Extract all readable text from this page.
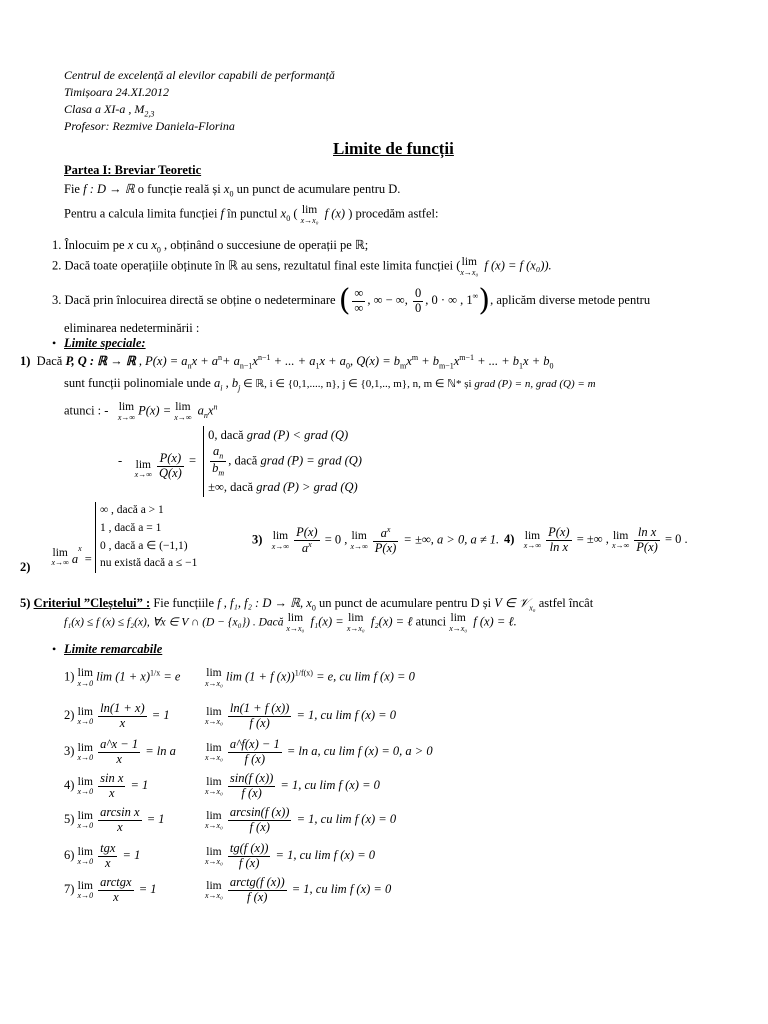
Centrul de excelență al elevilor capabili de performanță
Timișoara 24.XI.2012
Clasa a XI-a , $M_{2,3}$
Profesor: Rezmive Daniela-Florina
Limite de funcții
Partea I: Breviar Teoretic
Fie f : D → ℝ o funcție reală și $x_0$ un punct de acumulare pentru D.
Pentru a calcula limita funcției f în punctul $x_0$ ( lim
x→x₀ f (x) ) procedăm astfel:
1. Înlocuim pe x cu $x_0$ , obținând o succesiune de operații pe ℝ;
2. Dacă toate operațiile obținute în ℝ au sens, rezultatul final este limita funcției ( lim
x→x₀ f (x) = f (x₀)).
3. Dacă prin înlocuirea directă se obține o nedeterminare ( $\frac{\infty}{\infty}$ , ∞ − ∞, $\frac{0}{0}$ , 0 · ∞ , 1∞), aplicăm diverse metode pentru
eliminarea nedeterminării :
• Limite speciale:
1) Dacă P, Q : ℝ → ℝ , $P(x) = a_nx + a^n+ a_{n-1}x^{n-1}$ + ... + $a_1x + a_0$, $Q(x) = b_mx^m + b_{m-1}x^{m-1}$ + ... + $b_1x + b_0$
sunt funcții polinomiale unde $a_i$ , $b_j$ ∈ ℝ, i ∈ {0,1,...., n}, j ∈ {0,1,.., m}, n, m ∈ ℕ* și grad (P) = n, grad (Q) = m
atunci : - lim
x→∞ P(x) = lim
x→∞ $a_nx^n$
- lim
$x\to\infty \frac{P(x)}{Q(x)}$ =
0, dacă grad (P) < grad (Q)
$\frac{a_n}{b_m}$ , dacă grad (P) = grad (Q)
±∞, dacă grad (P) > grad (Q)
2)
lim
x→∞ $a^x$ =
∞ , dacă a > 1
1 , dacă a = 1
0 , dacă a ∈ (−1,1)
nu există dacă a ≤ −1
3) lim
$x\to\infty \frac{P(x)}{a^x} = 0$ , lim
$x\to\infty \frac{a^x}{P(x)}$ = ±∞, a > 0, a ≠ 1. 4) lim
$x\to\infty \frac{P(x)}{\text{ln x}}$ = ±∞ , lim
$x\to\infty \frac{\text{ln x}}{P(x)} = 0$ .
5) Criteriul ”Cleștelui” : Fie funcțiile f , f₁, f₂ : D → ℝ, $x_0$ un punct de acumulare pentru D și V ∈ 𝒱$_{x_0}$ astfel încât
f₁(x) ≤ f (x) ≤ f₂(x), ∀x ∈ V ∩ (D − {x₀}) . Dacă lim
x→x₀ f₁(x) = lim
x→x₀ f₂(x) = ℓ atunci lim
x→x₀ f (x) = ℓ.
• Limite remarcabile
1) lim
x→0 $\lim (1 + x)^{1/x} = e$ lim
x→x₀ lim (1 + f (x))$^{1/f(x)}$ = e, cu lim f (x) = 0
2) lim
$x\to 0 \frac{\ln(1 + x)}{x} = 1$	lim
$x\to x_0 \frac{\ln(1 + f (x))}{f (x)} = 1$, cu lim f (x) = 0
3) lim
$x\to 0 \frac{a\^{}x - 1}{x} = \ln a$	lim
$x\to x_0 \frac{a\^{}f(x) - 1}{f (x)} = \ln a$, cu lim f (x) = 0, a > 0
4) lim
$x\to 0 \frac{\text{sin x}}{x} = 1$	lim
$x\to x_0 \frac{\sin(f (x))}{f (x)} = 1$, cu lim f (x) = 0
5) lim
$x\to 0 \frac{\text{arcsin x}}{x} = 1$	lim
$x\to x_0 \frac{\arcsin(f (x))}{f (x)} = 1$, cu lim f (x) = 0
6) lim
$x\to 0 \frac{\text{tgx}}{x} = 1$	lim
$x\to x_0 \frac{tg(f (x))}{f (x)} = 1$, cu lim f (x) = 0
7) lim
$x\to 0 \frac{\text{arctgx}}{x} = 1$	lim
$x\to x_0 \frac{\text{arctg(f (x))}}{f (x)} = 1$, cu lim f (x) = 0
